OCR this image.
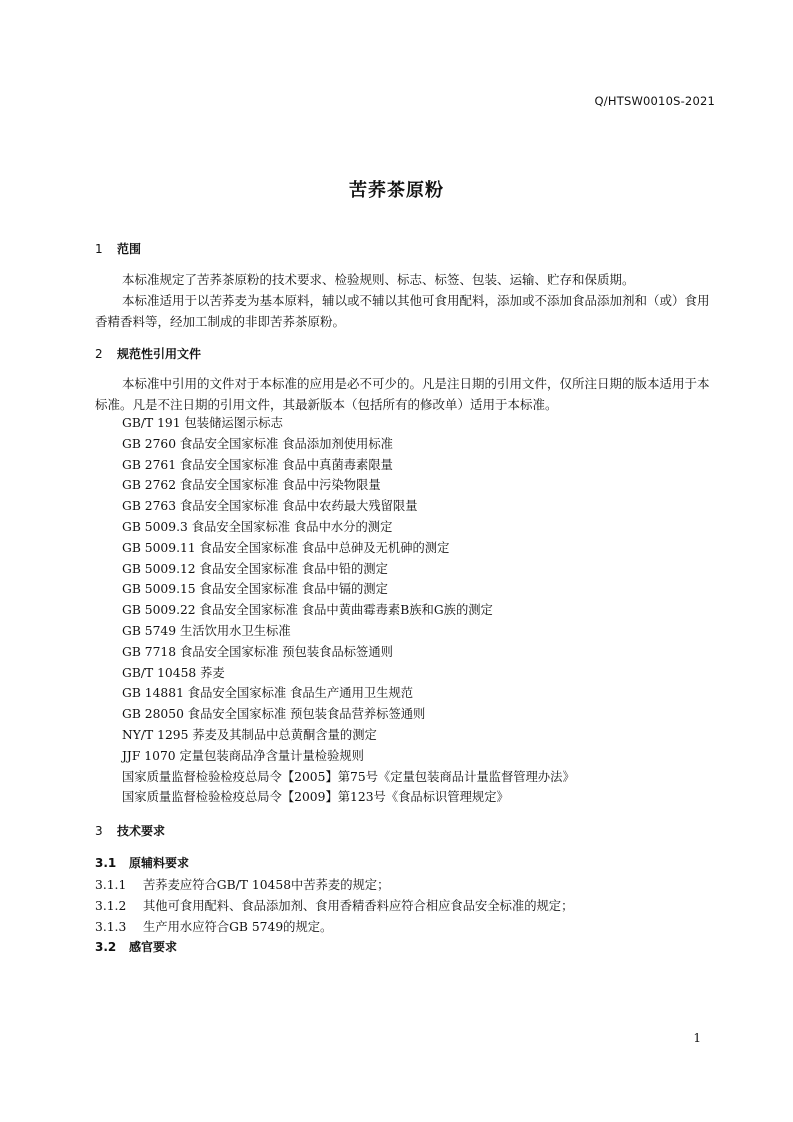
Q/HTSW0010S-2021
苦荞茶原粉
1 范围
本标准规定了苦荞茶原粉的技术要求、检验规则、标志、标签、包装、运输、贮存和保质期。
本标准适用于以苦荞麦为基本原料，辅以或不辅以其他可食用配料，添加或不添加食品添加剂和（或）食用香精香料等，经加工制成的非即苦荞茶原粉。
2 规范性引用文件
本标准中引用的文件对于本标准的应用是必不可少的。凡是注日期的引用文件，仅所注日期的版本适用于本标准。凡是不注日期的引用文件，其最新版本（包括所有的修改单）适用于本标准。
GB/T 191 包装储运图示标志
GB 2760 食品安全国家标准 食品添加剂使用标准
GB 2761 食品安全国家标准 食品中真菌毒素限量
GB 2762 食品安全国家标准 食品中污染物限量
GB 2763 食品安全国家标准 食品中农药最大残留限量
GB 5009.3 食品安全国家标准 食品中水分的测定
GB 5009.11 食品安全国家标准 食品中总砷及无机砷的测定
GB 5009.12 食品安全国家标准 食品中铅的测定
GB 5009.15 食品安全国家标准 食品中镉的测定
GB 5009.22 食品安全国家标准 食品中黄曲霉毒素B族和G族的测定
GB 5749 生活饮用水卫生标准
GB 7718 食品安全国家标准 预包装食品标签通则
GB/T 10458 荞麦
GB 14881 食品安全国家标准 食品生产通用卫生规范
GB 28050 食品安全国家标准 预包装食品营养标签通则
NY/T 1295 荞麦及其制品中总黄酮含量的测定
JJF 1070 定量包装商品净含量计量检验规则
国家质量监督检验检疫总局令【2005】第75号《定量包装商品计量监督管理办法》
国家质量监督检验检疫总局令【2009】第123号《食品标识管理规定》
3 技术要求
3.1 原辅料要求
3.1.1 苦荞麦应符合GB/T 10458中苦荞麦的规定；
3.1.2 其他可食用配料、食品添加剂、食用香精香料应符合相应食品安全标准的规定；
3.1.3 生产用水应符合GB 5749的规定。
3.2 感官要求
1
